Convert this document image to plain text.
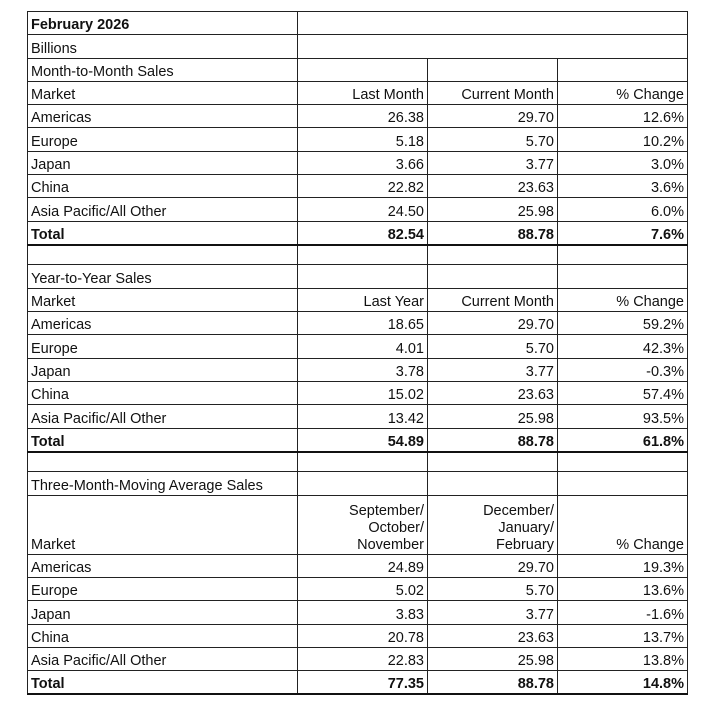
February 2026			
Billions			
Month-to-Month Sales			
Market	Last Month	Current Month	% Change
Americas	26.38	29.70	12.6%
Europe	5.18	5.70	10.2%
Japan	3.66	3.77	3.0%
China	22.82	23.63	3.6%
Asia Pacific/All Other	24.50	25.98	6.0%
Total	82.54	88.78	7.6%

Year-to-Year Sales			
Market	Last Year	Current Month	% Change
Americas	18.65	29.70	59.2%
Europe	4.01	5.70	42.3%
Japan	3.78	3.77	-0.3%
China	15.02	23.63	57.4%
Asia Pacific/All Other	13.42	25.98	93.5%
Total	54.89	88.78	61.8%

Three-Month-Moving Average Sales			
Market	September/
October/
November	December/
January/
February	% Change
Americas	24.89	29.70	19.3%
Europe	5.02	5.70	13.6%
Japan	3.83	3.77	-1.6%
China	20.78	23.63	13.7%
Asia Pacific/All Other	22.83	25.98	13.8%
Total	77.35	88.78	14.8%
